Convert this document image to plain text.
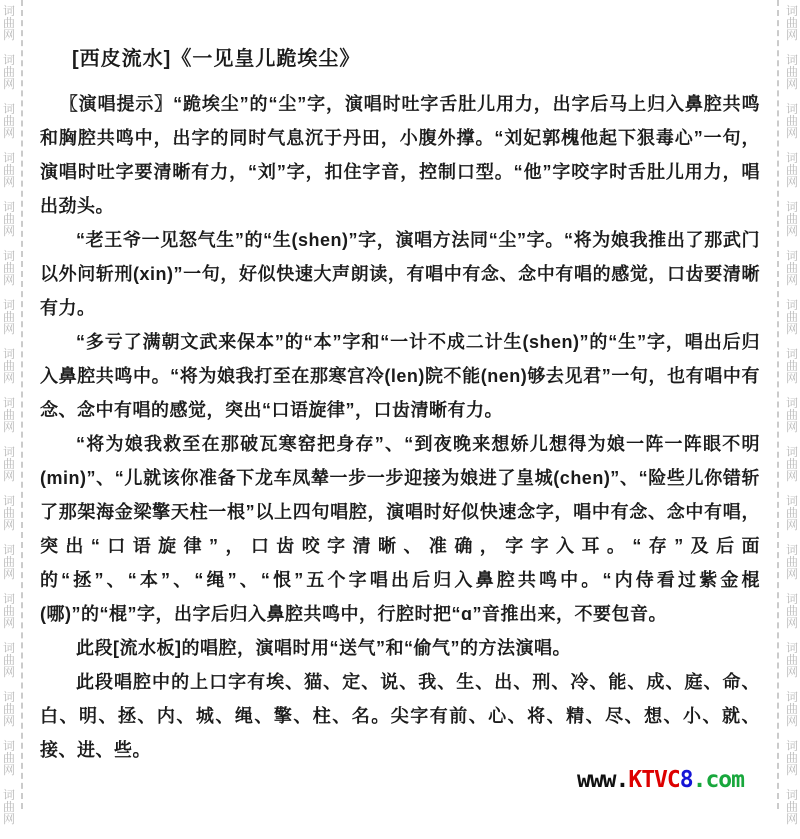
词
曲
网
词
曲
网
词
曲
网
词
曲
网
词
曲
网
词
曲
网
词
曲
网
词
曲
网
词
曲
网
词
曲
网
词
曲
网
词
曲
网
词
曲
网
词
曲
网
词
曲
网
词
曲
网
词
曲
网
词
曲
网
词
曲
网
词
曲
网
词
曲
网
词
曲
网
词
曲
网
词
曲
网
词
曲
网
词
曲
网
词
曲
网
词
曲
网
词
曲
网
词
曲
网
词
曲
网
词
曲
网
词
曲
网
词
曲
网
[西皮流水]《一见皇儿跪埃尘》

〖演唱提示〗“跪埃尘”的“尘”字，演唱时吐字舌肚儿用力，出字后马上归入鼻腔共鸣和胸腔共鸣中，出字的同时气息沉于丹田，小腹外撑。“刘妃郭槐他起下狠毒心”一句，演唱时吐字要清晰有力，“刘”字，扣住字音，控制口型。“他”字咬字时舌肚儿用力，唱出劲头。

“老王爷一见怒气生”的“生(shen)”字，演唱方法同“尘”字。“将为娘我推出了那武门以外问斩刑(xin)”一句，好似快速大声朗读，有唱中有念、念中有唱的感觉，口齿要清晰有力。

“多亏了满朝文武来保本”的“本”字和“一计不成二计生(shen)”的“生”字，唱出后归入鼻腔共鸣中。“将为娘我打至在那寒宫冷(len)院不能(nen)够去见君”一句，也有唱中有念、念中有唱的感觉，突出“口语旋律”，口齿清晰有力。

“将为娘我救至在那破瓦寒窑把身存”、“到夜晚来想娇儿想得为娘一阵一阵眼不明(min)”、“儿就该你准备下龙车凤辇一步一步迎接为娘进了皇城(chen)”、“险些儿你错斩了那架海金梁擎天柱一根”以上四句唱腔，演唱时好似快速念字，唱中有念、念中有唱，突出“口语旋律”，口齿咬字清晰、准确，字字入耳。“存”及后面的“拯”、“本”、“绳”、“恨”五个字唱出后归入鼻腔共鸣中。“内侍看过紫金棍(哪)”的“棍”字，出字后归入鼻腔共鸣中，行腔时把“ɑ”音推出来，不要包音。

此段[流水板]的唱腔，演唱时用“送气”和“偷气”的方法演唱。

此段唱腔中的上口字有埃、猫、定、说、我、生、出、刑、冷、能、成、庭、命、白、明、拯、内、城、绳、擎、柱、名。尖字有前、心、将、精、尽、想、小、就、接、进、些。

www.KTVC8.com
